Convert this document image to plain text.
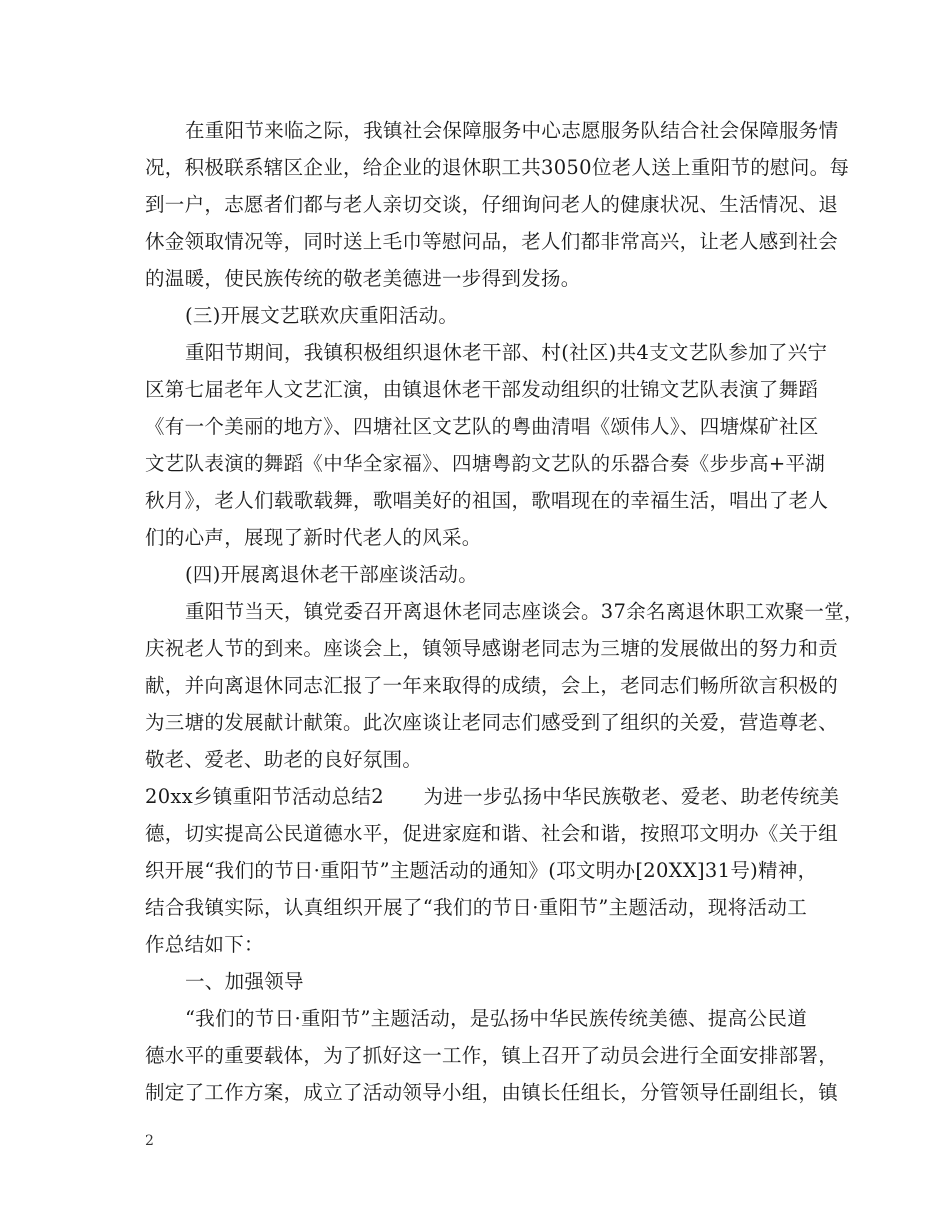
在重阳节来临之际，我镇社会保障服务中心志愿服务队结合社会保障服务情
况，积极联系辖区企业，给企业的退休职工共3050位老人送上重阳节的慰问。每
到一户，志愿者们都与老人亲切交谈，仔细询问老人的健康状况、生活情况、退
休金领取情况等，同时送上毛巾等慰问品，老人们都非常高兴，让老人感到社会
的温暖，使民族传统的敬老美德进一步得到发扬。
(三)开展文艺联欢庆重阳活动。
重阳节期间，我镇积极组织退休老干部、村(社区)共4支文艺队参加了兴宁
区第七届老年人文艺汇演，由镇退休老干部发动组织的壮锦文艺队表演了舞蹈
《有一个美丽的地方》、四塘社区文艺队的粤曲清唱《颂伟人》、四塘煤矿社区
文艺队表演的舞蹈《中华全家福》、四塘粤韵文艺队的乐器合奏《步步高+平湖
秋月》，老人们载歌载舞，歌唱美好的祖国，歌唱现在的幸福生活，唱出了老人
们的心声，展现了新时代老人的风采。
(四)开展离退休老干部座谈活动。
重阳节当天，镇党委召开离退休老同志座谈会。37余名离退休职工欢聚一堂，
庆祝老人节的到来。座谈会上，镇领导感谢老同志为三塘的发展做出的努力和贡
献，并向离退休同志汇报了一年来取得的成绩，会上，老同志们畅所欲言积极的
为三塘的发展献计献策。此次座谈让老同志们感受到了组织的关爱，营造尊老、
敬老、爱老、助老的良好氛围。
20xx乡镇重阳节活动总结2　　为进一步弘扬中华民族敬老、爱老、助老传统美
德，切实提高公民道德水平，促进家庭和谐、社会和谐，按照邛文明办《关于组
织开展“我们的节日·重阳节”主题活动的通知》(邛文明办[20XX]31号)精神，
结合我镇实际，认真组织开展了“我们的节日·重阳节”主题活动，现将活动工
作总结如下：
一、加强领导
“我们的节日·重阳节”主题活动，是弘扬中华民族传统美德、提高公民道
德水平的重要载体，为了抓好这一工作，镇上召开了动员会进行全面安排部署，
制定了工作方案，成立了活动领导小组，由镇长任组长，分管领导任副组长，镇
2
